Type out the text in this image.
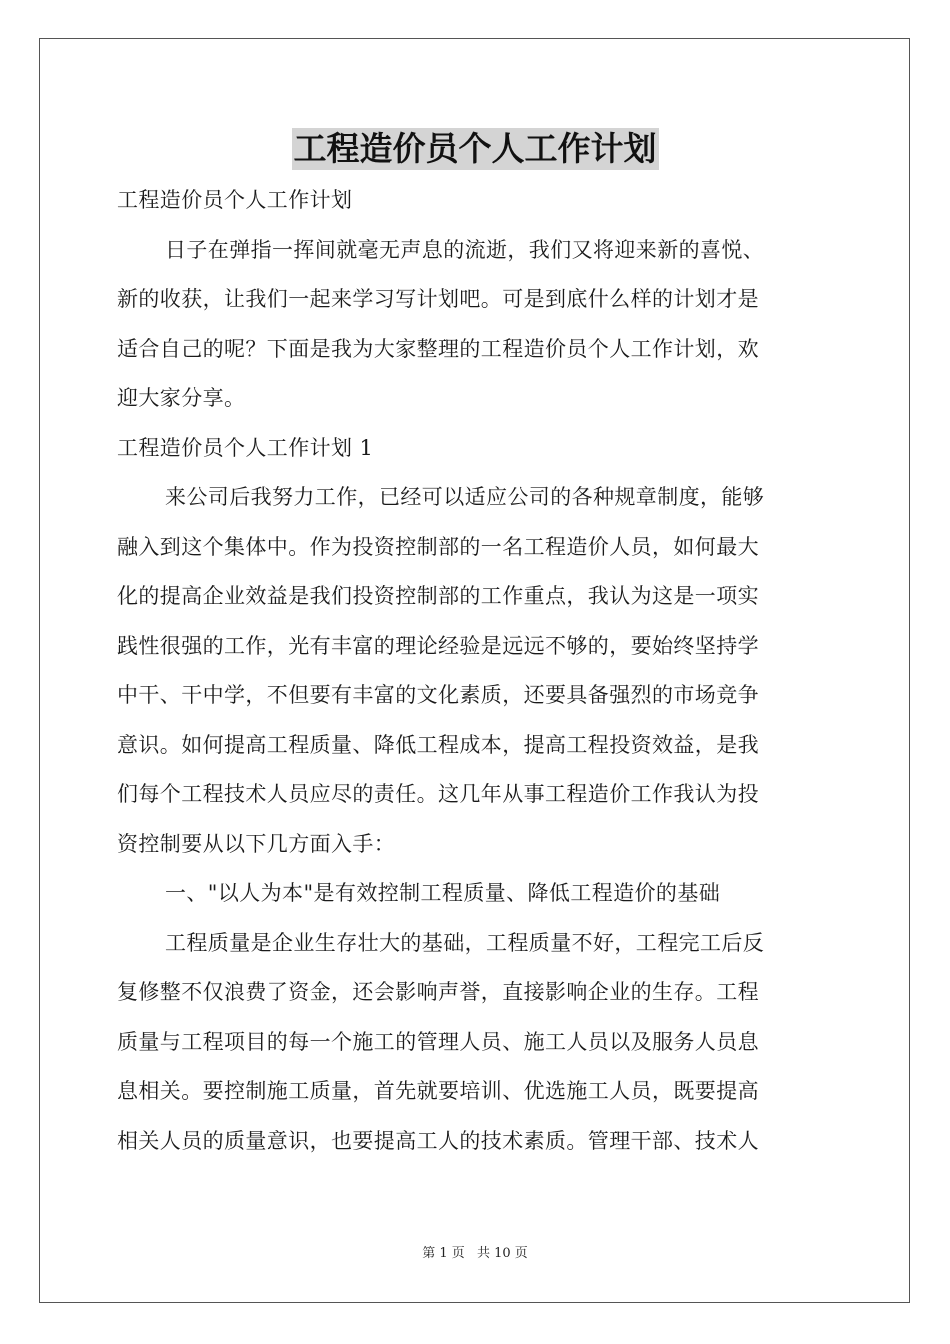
工程造价员个人工作计划
工程造价员个人工作计划
日子在弹指一挥间就毫无声息的流逝，我们又将迎来新的喜悦、
新的收获，让我们一起来学习写计划吧。可是到底什么样的计划才是
适合自己的呢？下面是我为大家整理的工程造价员个人工作计划，欢
迎大家分享。
工程造价员个人工作计划 1
来公司后我努力工作，已经可以适应公司的各种规章制度，能够
融入到这个集体中。作为投资控制部的一名工程造价人员，如何最大
化的提高企业效益是我们投资控制部的工作重点，我认为这是一项实
践性很强的工作，光有丰富的理论经验是远远不够的，要始终坚持学
中干、干中学，不但要有丰富的文化素质，还要具备强烈的市场竞争
意识。如何提高工程质量、降低工程成本，提高工程投资效益，是我
们每个工程技术人员应尽的责任。这几年从事工程造价工作我认为投
资控制要从以下几方面入手：
一、"以人为本"是有效控制工程质量、降低工程造价的基础
工程质量是企业生存壮大的基础，工程质量不好，工程完工后反
复修整不仅浪费了资金，还会影响声誉，直接影响企业的生存。工程
质量与工程项目的每一个施工的管理人员、施工人员以及服务人员息
息相关。要控制施工质量，首先就要培训、优选施工人员，既要提高
相关人员的质量意识，也要提高工人的技术素质。管理干部、技术人
第 1 页 共 10 页
